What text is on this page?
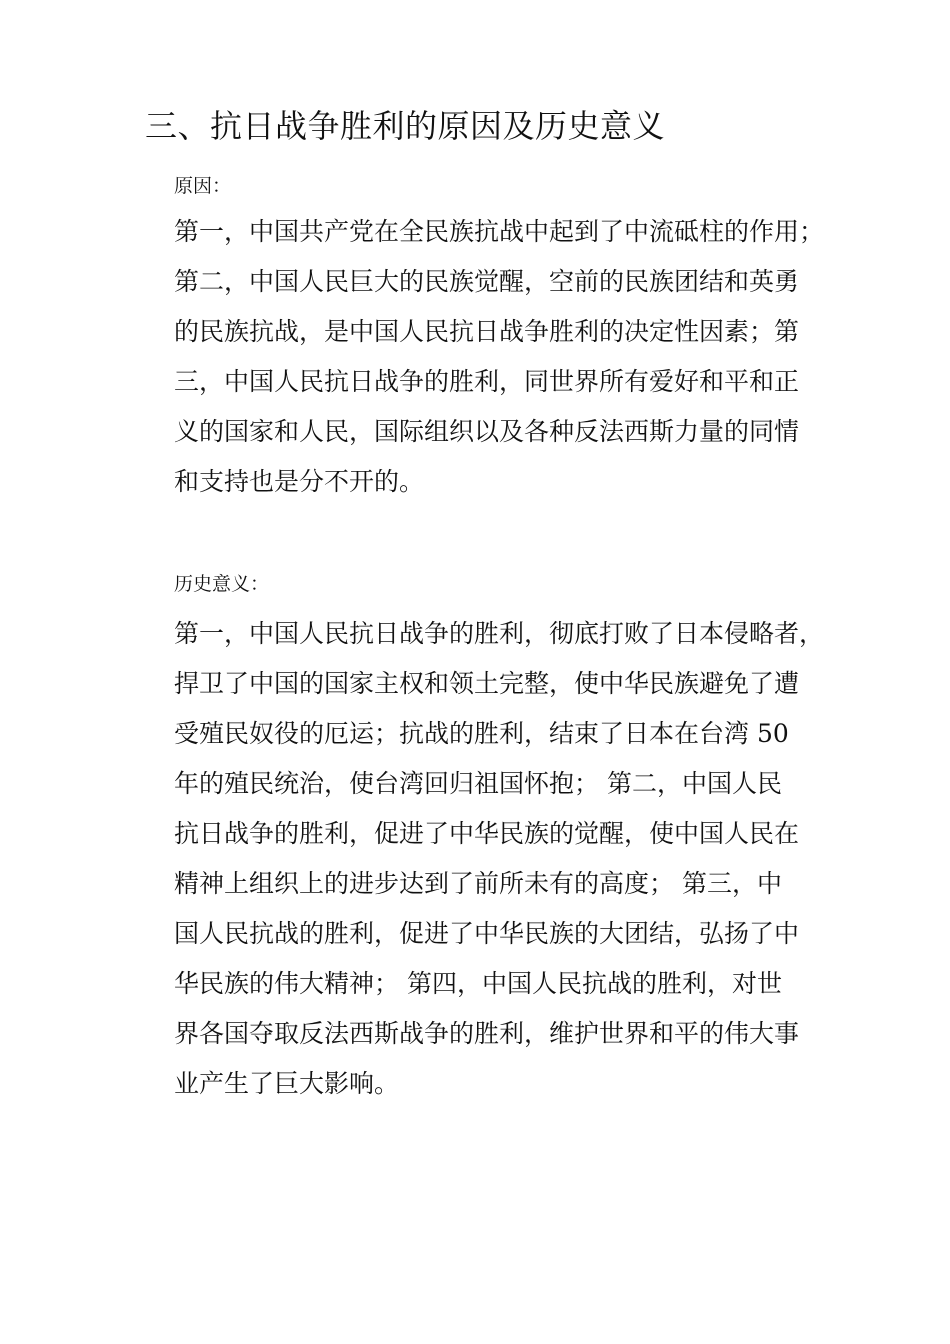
三、抗日战争胜利的原因及历史意义

原因：

第一，中国共产党在全民族抗战中起到了中流砥柱的作用；
第二，中国人民巨大的民族觉醒，空前的民族团结和英勇
的民族抗战，是中国人民抗日战争胜利的决定性因素；第
三，中国人民抗日战争的胜利，同世界所有爱好和平和正
义的国家和人民，国际组织以及各种反法西斯力量的同情
和支持也是分不开的。

历史意义：

第一，中国人民抗日战争的胜利，彻底打败了日本侵略者，
捍卫了中国的国家主权和领土完整，使中华民族避免了遭
受殖民奴役的厄运；抗战的胜利，结束了日本在台湾 50
年的殖民统治，使台湾回归祖国怀抱； 第二，中国人民
抗日战争的胜利，促进了中华民族的觉醒，使中国人民在
精神上组织上的进步达到了前所未有的高度； 第三，中
国人民抗战的胜利，促进了中华民族的大团结，弘扬了中
华民族的伟大精神； 第四，中国人民抗战的胜利，对世
界各国夺取反法西斯战争的胜利，维护世界和平的伟大事
业产生了巨大影响。
